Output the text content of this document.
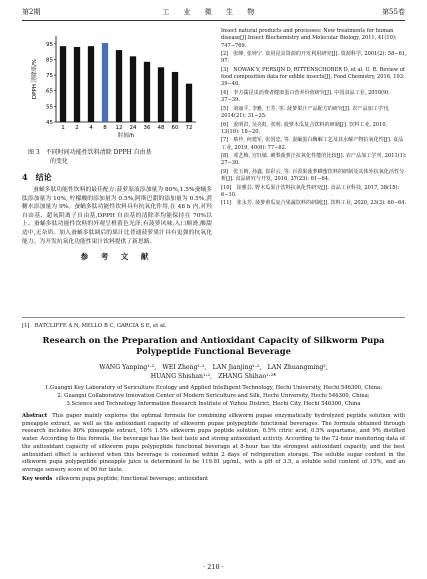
第2期	工 业 微 生 物	第55卷
45
55
65
75
85
95
1 2 4 8 12 24 36 48 60 72
时间/h
DPPH 清除率/%
图 3　不同时间功能性饮料清除 DPPH 自由基
的变化
4　结论

蚕蛹多肽功能性饮料的最佳配方:菠萝原液添加量为 80%,1.5%蚕蛹多肽添加量为 10%, 柠檬酸的添加量为 0.5%,阿斯巴甜的添加量为 0.5%,蔗糖水添加量为 9%。蚕蛹多肽功能性饮料具有抗氧化作用,在 48 h 内,对羟自由基、超氧阴离子自由基,DPPH 自由基的清除率均能保持在 70%以上。蚕蛹多肽功能性饮料的外观呈橙黄色光泽,有菠萝风味,入口顺滑,酸甜适中,无杂质。加入蚕蛹多肽调后的果汁比普通菠萝果汁具有更强的抗氧化能力。为开发抗氧化功能性果汁饮料提供了新思路。

参 考 文 献

Insect natural products and processes: New treatments for human disease[J].Insect Biochemistry and Molecular Biology, 2011, 41(10): 747−769.

[2]　张峰, 张钟宁. 食用昆虫资源的开发利用研究[J]. 资源科学, 2001(2): 58−61, 97.

[3]　NOWAK V, PERSIJN D, RITTENSCHOBER D, et al. U. R. Review of food composition data for edible insects[J]. Food Chemistry, 2016, 193: 39−46.

[4]　李方儒昆虫消费者健康蛋白营养价值研究[J]. 中国食品工业, 2010(9): 37−39.

[5]　刘丽平, 李雅, 王芳, 等. 菠萝果汁产品配方的研究[J]. 农产品加工学刊, 2014(21): 31−35.

[6]　姜明洪, 吴亮虹, 张明. 菠萝木瓜复合饮料的研制[J]. 饮料工业, 2010, 13(10): 18−20.

[7]　蔡伶, 何建军, 张国忠, 等. 蚕蛹蛋白酶解工艺及其水解产物抗氧化性[J]. 食品工业, 2019, 40(6): 77−82.

[8]　邓艺梅, 宫钰敏. 刺梨菠萝汁抗氧化性能的比较[J]. 农产品加工学刊, 2011(1): 27−30.

[9]　张玉梅, 孙鑫, 崔彩云, 等. 百香果菠萝蜂蜜饮料的研制及其体外抗氧化活性分析[J]. 食品研究与开发, 2016, 37(23): 61−64.

[10]　崔雅芸. 野木瓜果汁饮料抗氧化性研究[J]. 食品工业科技, 2017, 38(15): 6−10.

[11]　张永芳. 菠萝黄瓜复合果蔬饮料的研制[J]. 饮料工业, 2020, 23(3): 60−64.

[1]　RATCLIFFE A N, MELLO B C, GARCIA S E, et al.
Research on the Preparation and Antioxidant Capacity of Silkworm Pupa Polypeptide Functional Beverage
WANG Yanping¹·²,　WEI Zheng¹·²,　LAN Jianjing¹·²,　LAN Zhuangming²,
HUANG Shishan¹·²,　ZHANG Shihao¹·²*
1.Guangxi Key Laboratory of Sericulture Ecology and Applied Intelligent Technology, Hechi University, Hechi 546300, China;
2. Guangxi Collaborative Innovation Center of Modern Sericulture and Silk, Hechi University, Hechi 546300, China;
3.Science and Technology Information Research Institute of Yizhou District, Hechi City, Hechi 546300, China
Abstract This paper mainly explores the optimal formula for combining silkworm pupae enzymatically hydrolyzed peptide solution with pineapple extract, as well as the antioxidant capacity of silkworm pupae polypeptide functional beverages. The formula obtained through research includes 80% pineapple extract, 10% 1.5% silkworm pupa peptide solution, 0.5% citric acid, 0.5% aspartame, and 9% distilled water. According to this formula, the beverage has the best taste and strong antioxidant activity. According to the 72-hour monitoring data of the antioxidant capacity of silkworm pupa polypeptide functional beverage at 8-hour has the strongest antioxidant capacity, and the best antioxidant effect is achieved when this beverage is consumed within 2 days of refrigeration storage. The soluble sugar content in the silkworm pupa polypeptide pineapple juice is determined to be 119.81 μg/mL, with a pH of 3.5, a soluble solid content of 15%, and an average sensory score of 90 for taste.
Key words silkworm pupa peptide; functional beverage; antioxidant
· 210 ·
